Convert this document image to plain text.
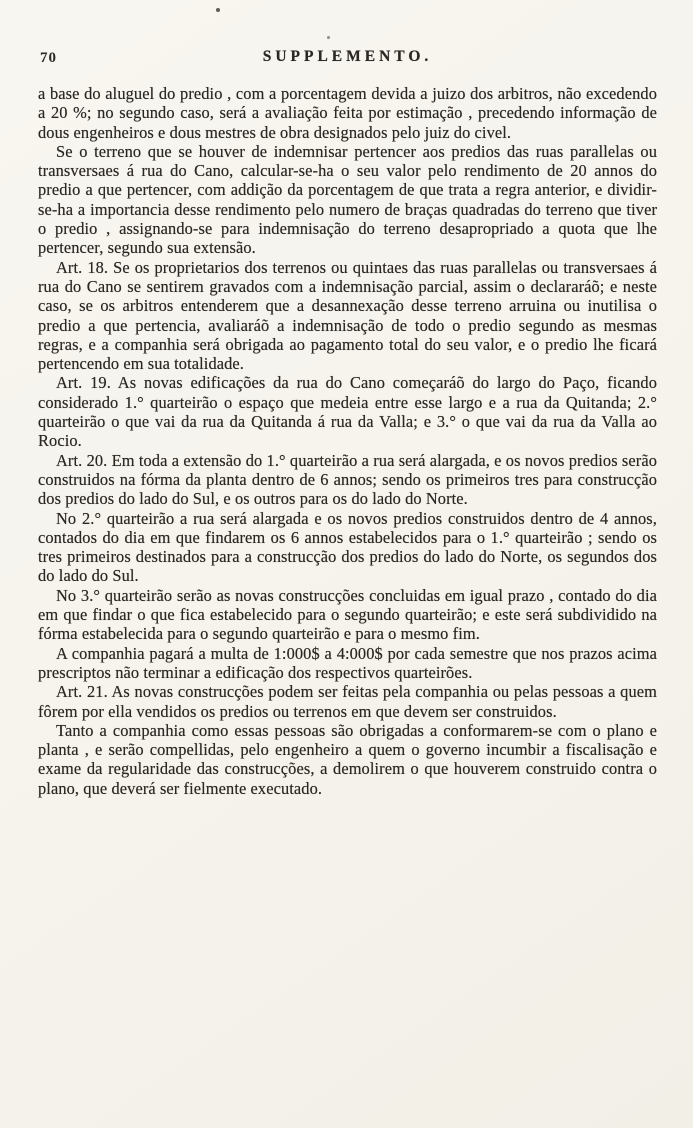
70	SUPPLEMENTO.

a base do aluguel do predio , com a porcentagem devida a juizo dos arbitros, não excedendo a 20 %; no segundo caso, será a avaliação feita por estimação , precedendo informação de dous engenheiros e dous mestres de obra designados pelo juiz do civel.

Se o terreno que se houver de indemnisar pertencer aos predios das ruas parallelas ou transversaes á rua do Cano, calcular-se-ha o seu valor pelo rendimento de 20 annos do predio a que pertencer, com addição da porcentagem de que trata a regra anterior, e dividir-se-ha a importancia desse rendimento pelo numero de braças quadradas do terreno que tiver o predio , assignando-se para indemnisação do terreno desapropriado a quota que lhe pertencer, segundo sua extensão.

Art. 18. Se os proprietarios dos terrenos ou quintaes das ruas parallelas ou transversaes á rua do Cano se sentirem gravados com a indemnisação parcial, assim o declararáõ; e neste caso, se os arbitros entenderem que a desannexação desse terreno arruina ou inutilisa o predio a que pertencia, avaliaráõ a indemnisação de todo o predio segundo as mesmas regras, e a companhia será obrigada ao pagamento total do seu valor, e o predio lhe ficará pertencendo em sua totalidade.

Art. 19. As novas edificações da rua do Cano começaráõ do largo do Paço, ficando considerado 1.° quarteirão o espaço que medeia entre esse largo e a rua da Quitanda; 2.° quarteirão o que vai da rua da Quitanda á rua da Valla; e 3.° o que vai da rua da Valla ao Rocio.

Art. 20. Em toda a extensão do 1.° quarteirão a rua será alargada, e os novos predios serão construidos na fórma da planta dentro de 6 annos; sendo os primeiros tres para construcção dos predios do lado do Sul, e os outros para os do lado do Norte.

No 2.° quarteirão a rua será alargada e os novos predios construidos dentro de 4 annos, contados do dia em que findarem os 6 annos estabelecidos para o 1.° quarteirão ; sendo os tres primeiros destinados para a construcção dos predios do lado do Norte, os segundos dos do lado do Sul.

No 3.° quarteirão serão as novas construcções concluidas em igual prazo , contado do dia em que findar o que fica estabelecido para o segundo quarteirão; e este será subdividido na fórma estabelecida para o segundo quarteirão e para o mesmo fim.

A companhia pagará a multa de 1:000$ a 4:000$ por cada semestre que nos prazos acima prescriptos não terminar a edificação dos respectivos quarteirões.

Art. 21. As novas construcções podem ser feitas pela companhia ou pelas pessoas a quem fôrem por ella vendidos os predios ou terrenos em que devem ser construidos.

Tanto a companhia como essas pessoas são obrigadas a conformarem-se com o plano e planta , e serão compellidas, pelo engenheiro a quem o governo incumbir a fiscalisação e exame da regularidade das construcções, a demolirem o que houverem construido contra o plano, que deverá ser fielmente executado.
